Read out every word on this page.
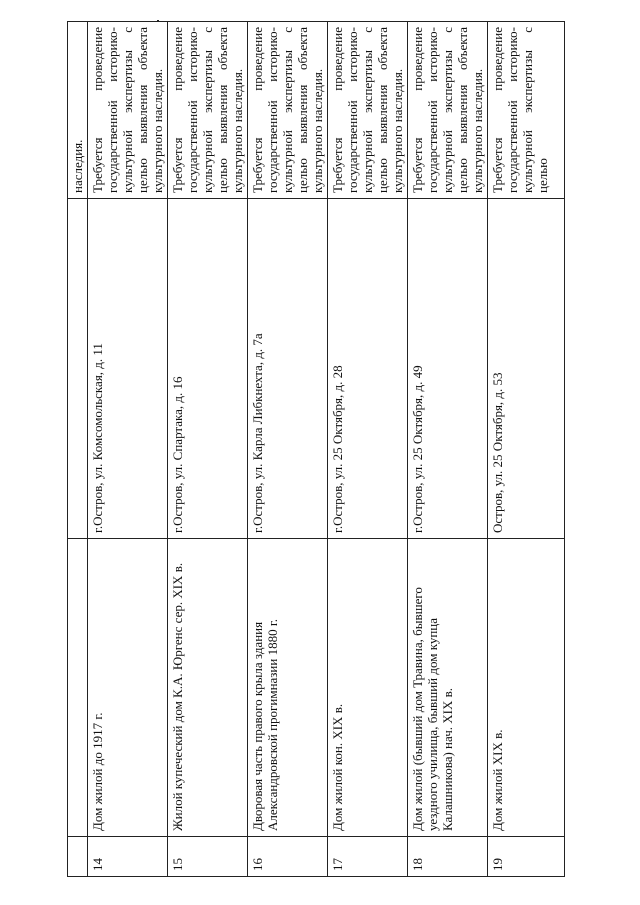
			наследия.
14	Дом жилой до 1917 г.	г.Остров, ул. Комсомольская, д. 11	Требуется проведение государственной историко-культурной экспертизы с целью выявления объекта культурного наследия.
15	Жилой купеческий дом К.А. Юргенс сер. XIX в.	г.Остров, ул. Спартака, д. 16	Требуется проведение государственной историко-культурной экспертизы с целью выявления объекта культурного наследия.
16	Дворовая часть правого крыла здания Александровской прогимназии 1880 г.	г.Остров, ул. Карла Либкнехта, д. 7а	Требуется проведение государственной историко-культурной экспертизы с целью выявления объекта культурного наследия.
17	Дом жилой кон. XIX в.	г.Остров, ул. 25 Октября, д. 28	Требуется проведение государственной историко-культурной экспертизы с целью выявления объекта культурного наследия.
18	Дом жилой (бывший дом Травина, бывшего уездного училища, бывший дом купца Калашникова) нач. XIX в.	г.Остров, ул. 25 Октября, д. 49	Требуется проведение государственной историко-культурной экспертизы с целью выявления объекта культурного наследия.
19	Дом жилой XIX в.	Остров, ул. 25 Октября, д. 53	Требуется проведение государственной историко-культурной экспертизы с целью
